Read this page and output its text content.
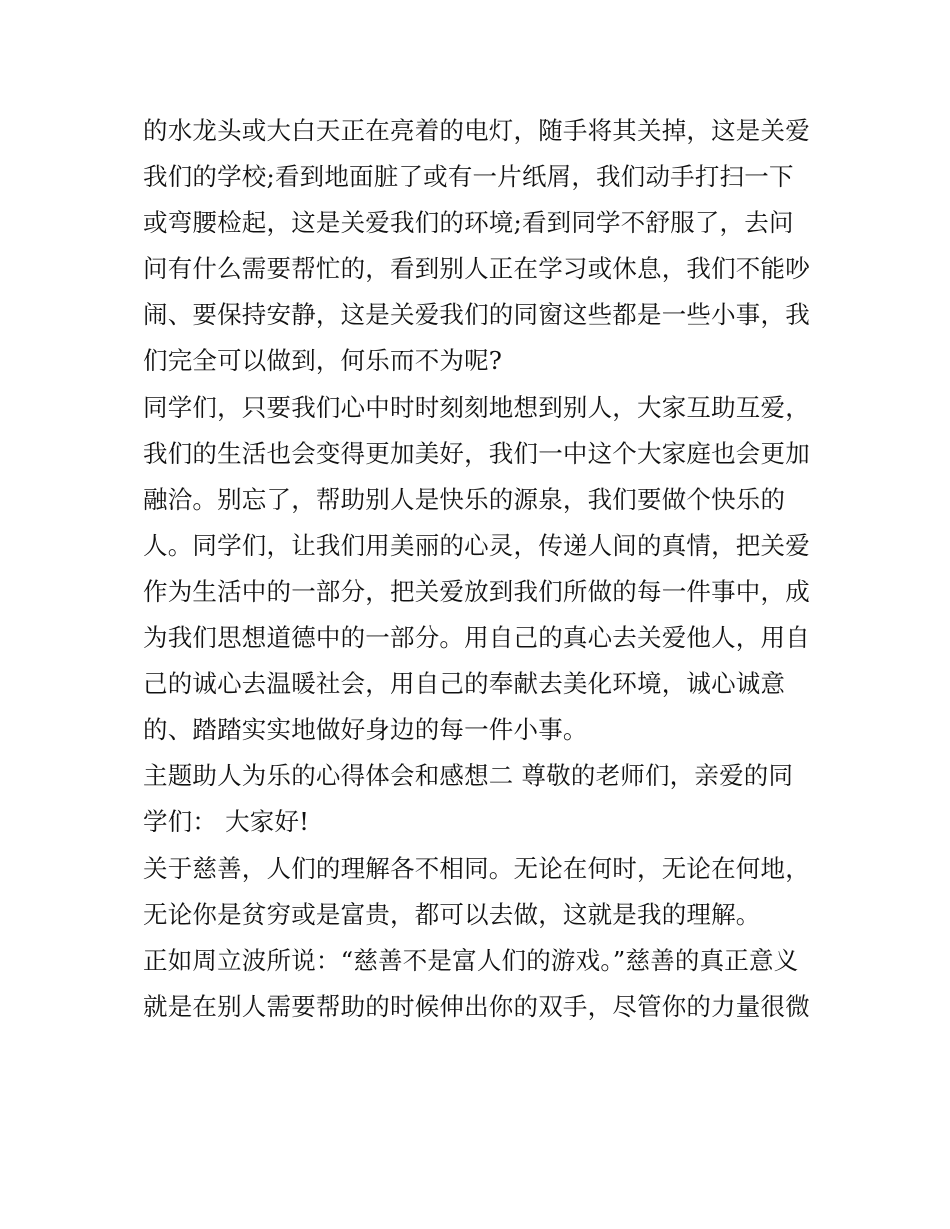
的水龙头或大白天正在亮着的电灯，随手将其关掉，这是关爱
我们的学校;看到地面脏了或有一片纸屑，我们动手打扫一下
或弯腰检起，这是关爱我们的环境;看到同学不舒服了，去问
问有什么需要帮忙的，看到别人正在学习或休息，我们不能吵
闹、要保持安静，这是关爱我们的同窗这些都是一些小事，我
们完全可以做到，何乐而不为呢?
同学们，只要我们心中时时刻刻地想到别人，大家互助互爱，
我们的生活也会变得更加美好，我们一中这个大家庭也会更加
融洽。别忘了，帮助别人是快乐的源泉，我们要做个快乐的
人。同学们，让我们用美丽的心灵，传递人间的真情，把关爱
作为生活中的一部分，把关爱放到我们所做的每一件事中，成
为我们思想道德中的一部分。用自己的真心去关爱他人，用自
己的诚心去温暖社会，用自己的奉献去美化环境，诚心诚意
的、踏踏实实地做好身边的每一件小事。
主题助人为乐的心得体会和感想二 尊敬的老师们，亲爱的同
学们： 大家好!
关于慈善，人们的理解各不相同。无论在何时，无论在何地，
无论你是贫穷或是富贵，都可以去做，这就是我的理解。
正如周立波所说：“慈善不是富人们的游戏。”慈善的真正意义
就是在别人需要帮助的时候伸出你的双手，尽管你的力量很微
